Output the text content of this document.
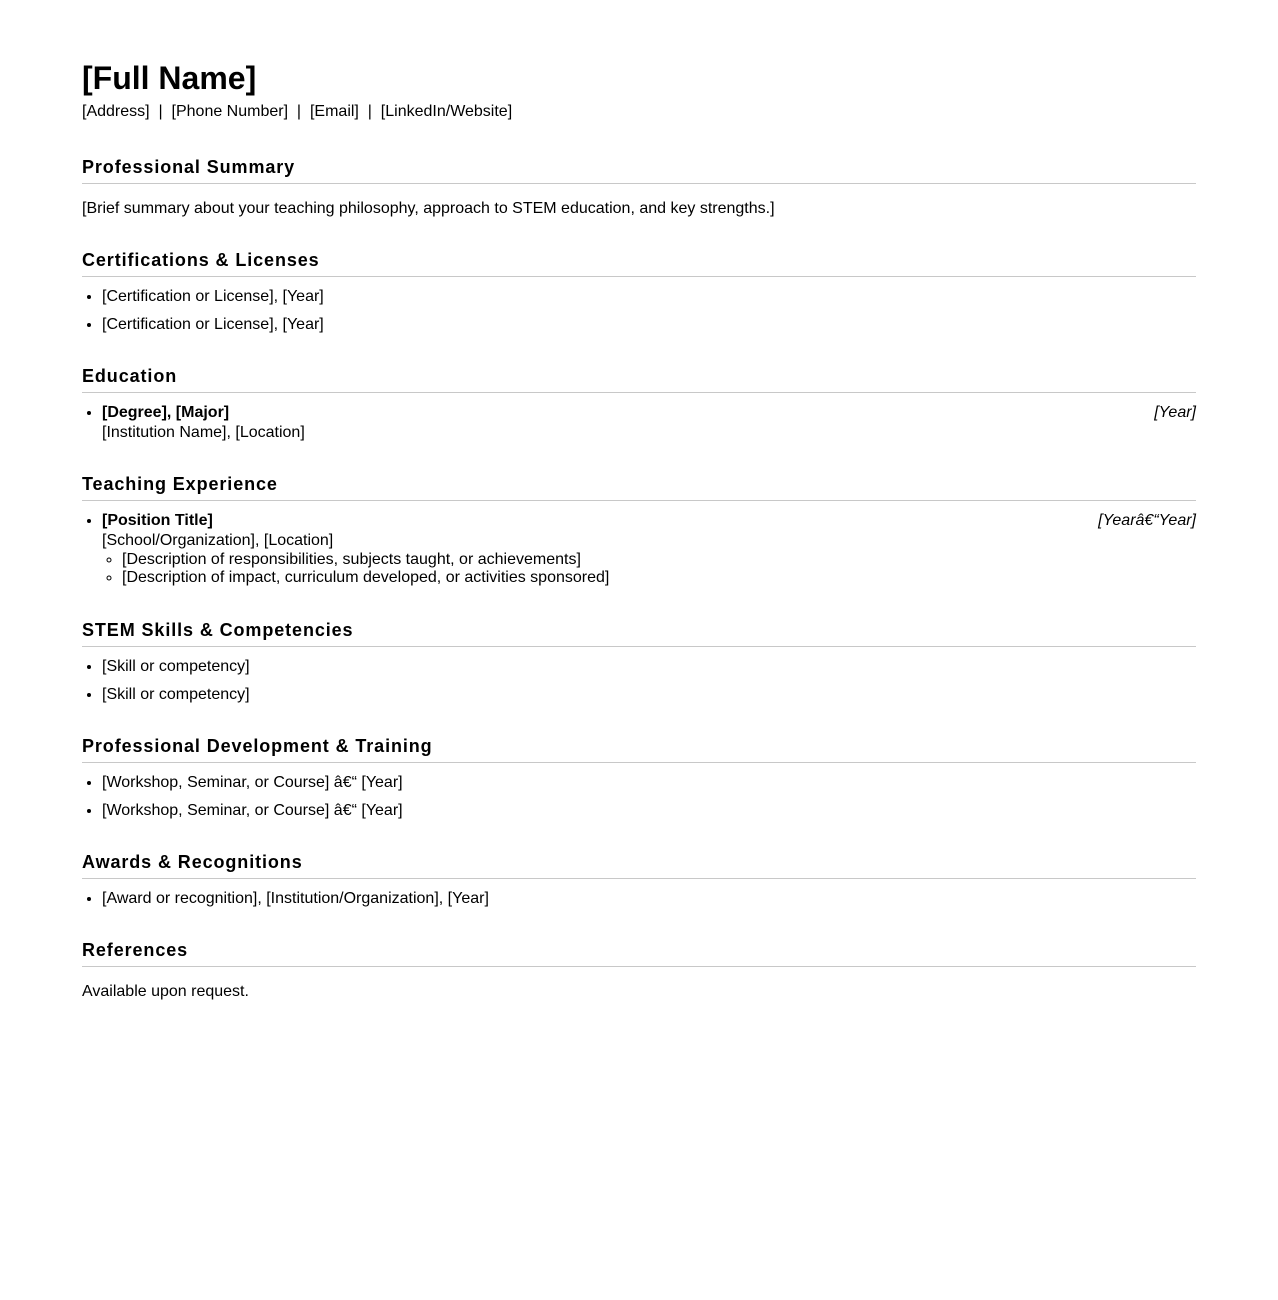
[Full Name]
[Address]  |  [Phone Number]  |  [Email]  |  [LinkedIn/Website]
Professional Summary

[Brief summary about your teaching philosophy, approach to STEM education, and key strengths.]

Certifications & Licenses
• [Certification or License], [Year]
• [Certification or License], [Year]
Education
• [Degree], [Major]	[Year]
[Institution Name], [Location]
Teaching Experience
• [Position Title]	[Yearâ€“Year]
[School/Organization], [Location]
◦ [Description of responsibilities, subjects taught, or achievements]
◦ [Description of impact, curriculum developed, or activities sponsored]
STEM Skills & Competencies
• [Skill or competency]
• [Skill or competency]
Professional Development & Training
• [Workshop, Seminar, or Course] â€“ [Year]
• [Workshop, Seminar, or Course] â€“ [Year]
Awards & Recognitions
• [Award or recognition], [Institution/Organization], [Year]
References

Available upon request.
